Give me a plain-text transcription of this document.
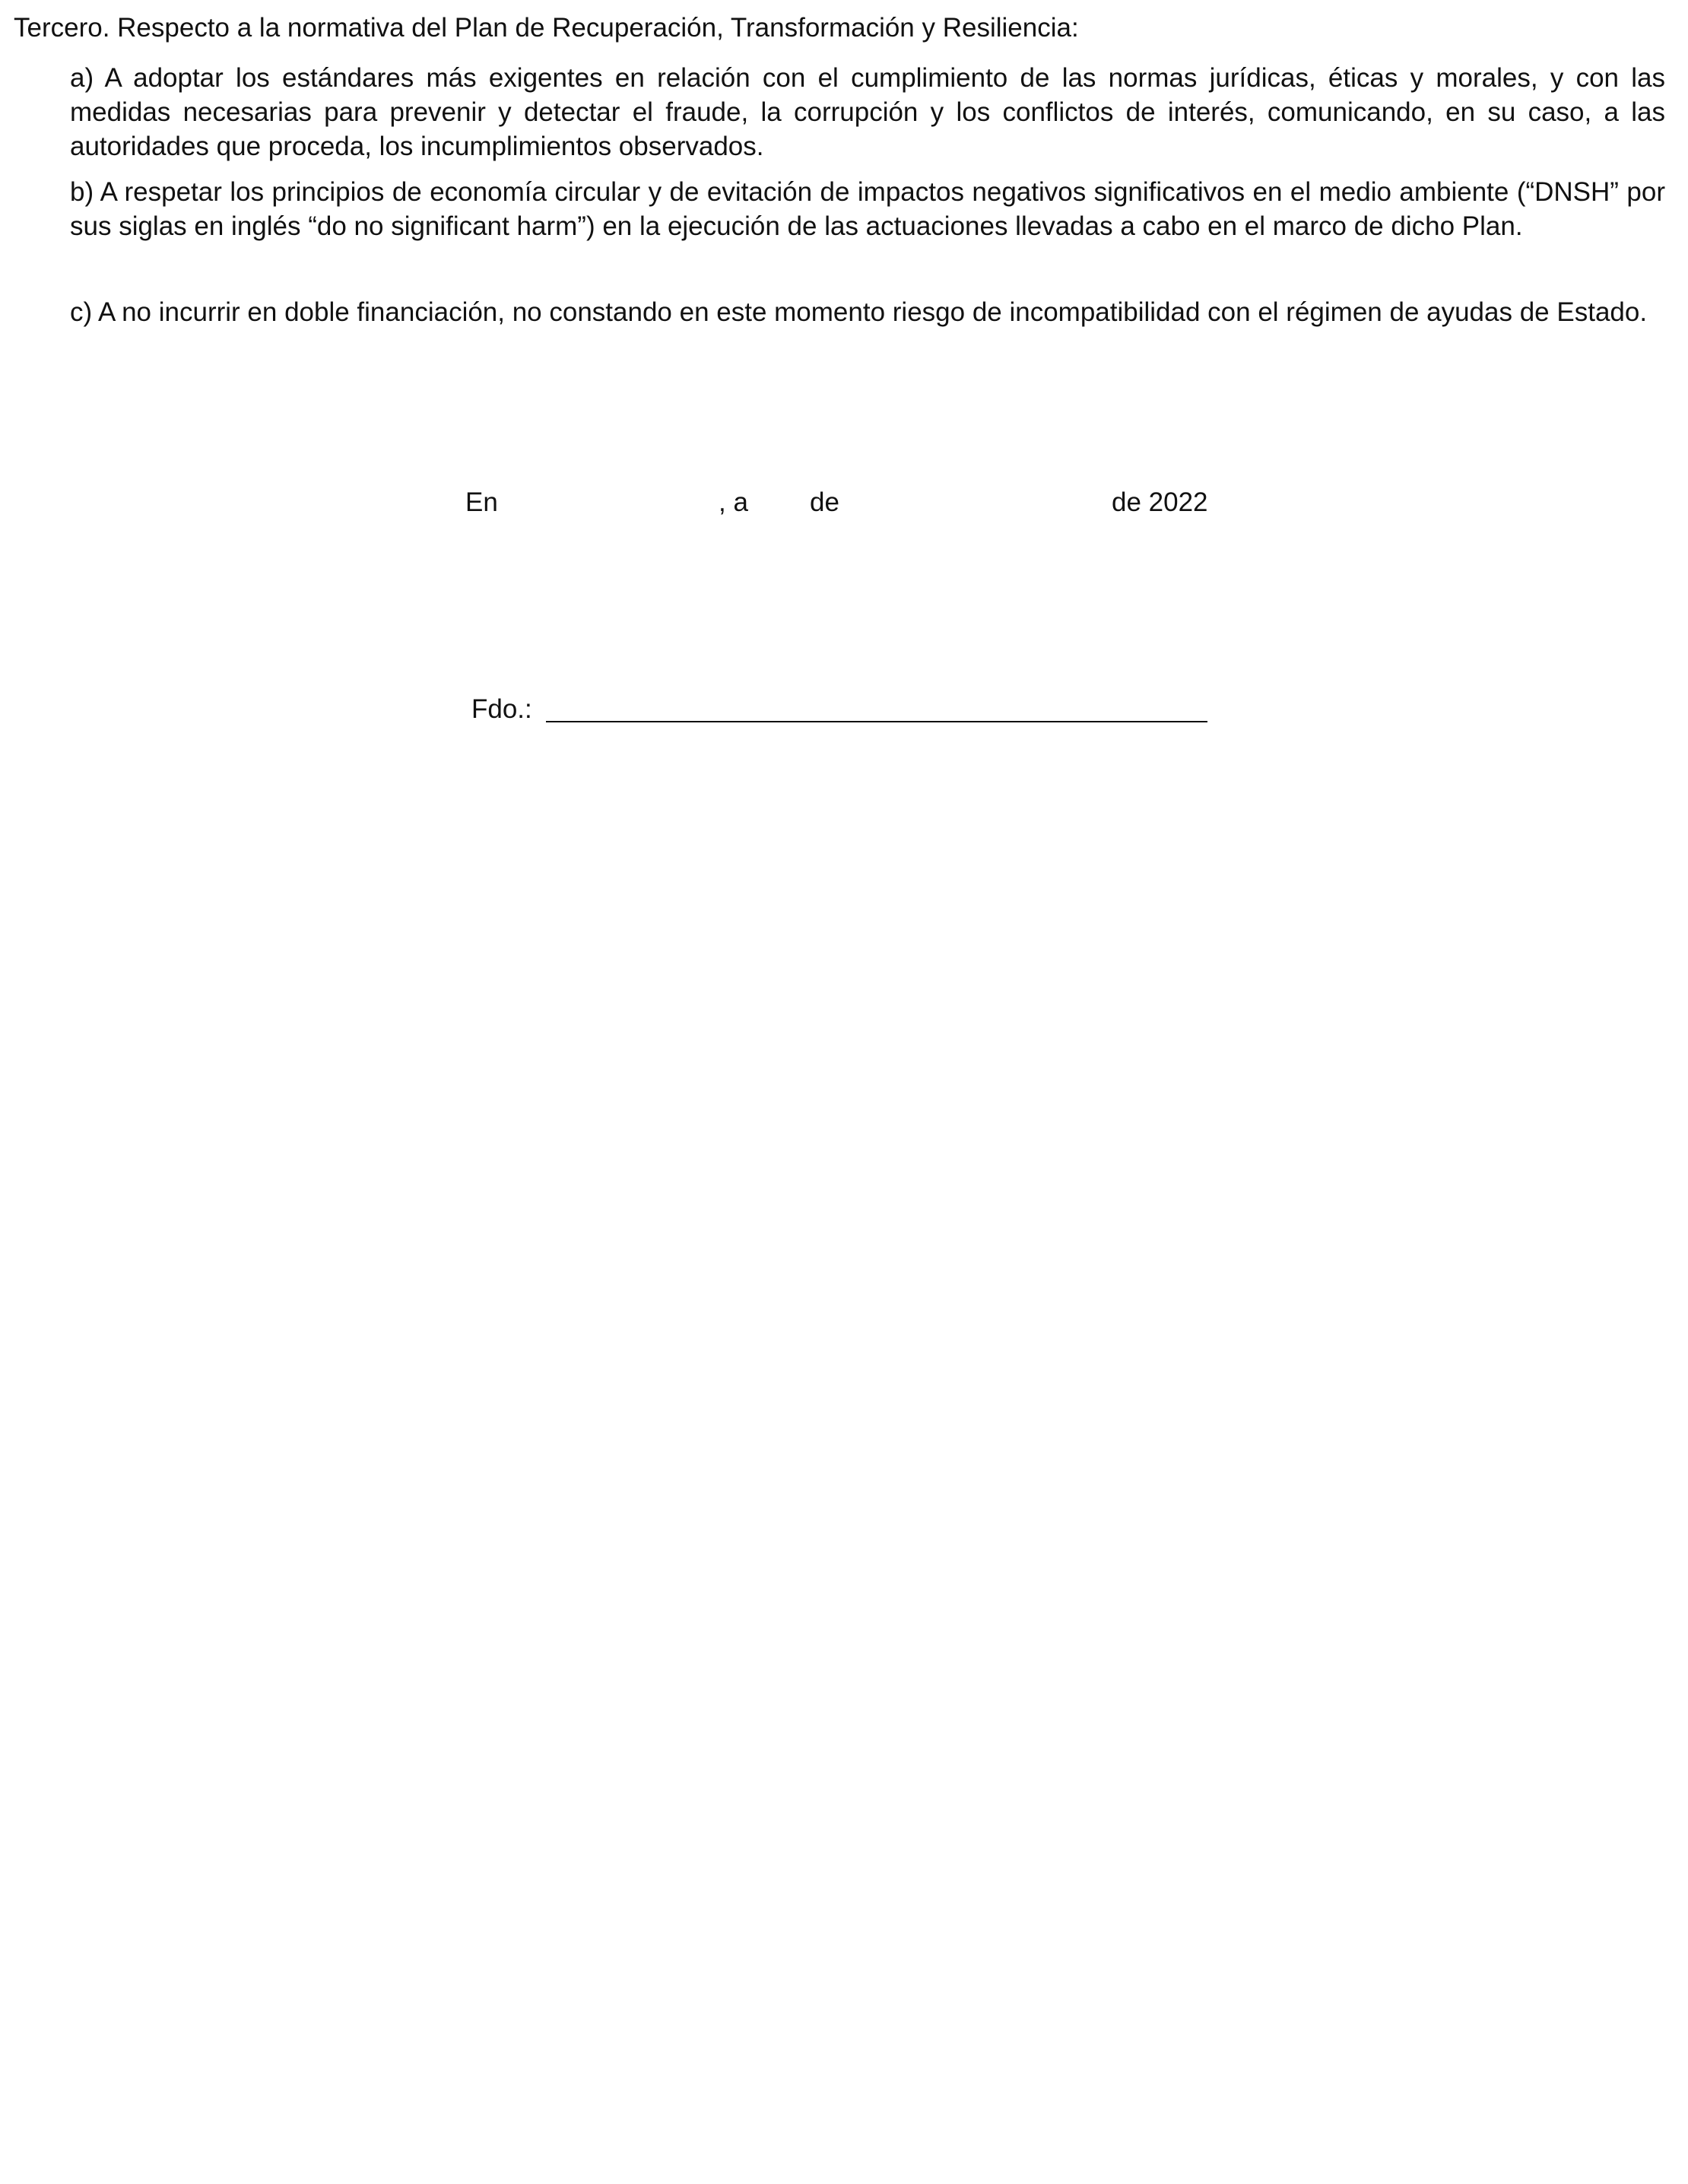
Tercero. Respecto a la normativa del Plan de Recuperación, Transformación y Resiliencia:
a) A adoptar los estándares más exigentes en relación con el cumplimiento de las normas jurídicas, éticas y morales, y con las medidas necesarias para prevenir y detectar el fraude, la corrupción y los conflictos de interés, comunicando, en su caso, a las autoridades que proceda, los incumplimientos observados.
b) A respetar los principios de economía circular y de evitación de impactos negativos significativos en el medio ambiente (“DNSH” por sus siglas en inglés “do no significant harm”) en la ejecución de las actuaciones llevadas a cabo en el marco de dicho Plan.
c) A no incurrir en doble financiación, no constando en este momento riesgo de incompatibilidad con el régimen de ayudas de Estado.
En	, a de	de 2022
Fdo.:
